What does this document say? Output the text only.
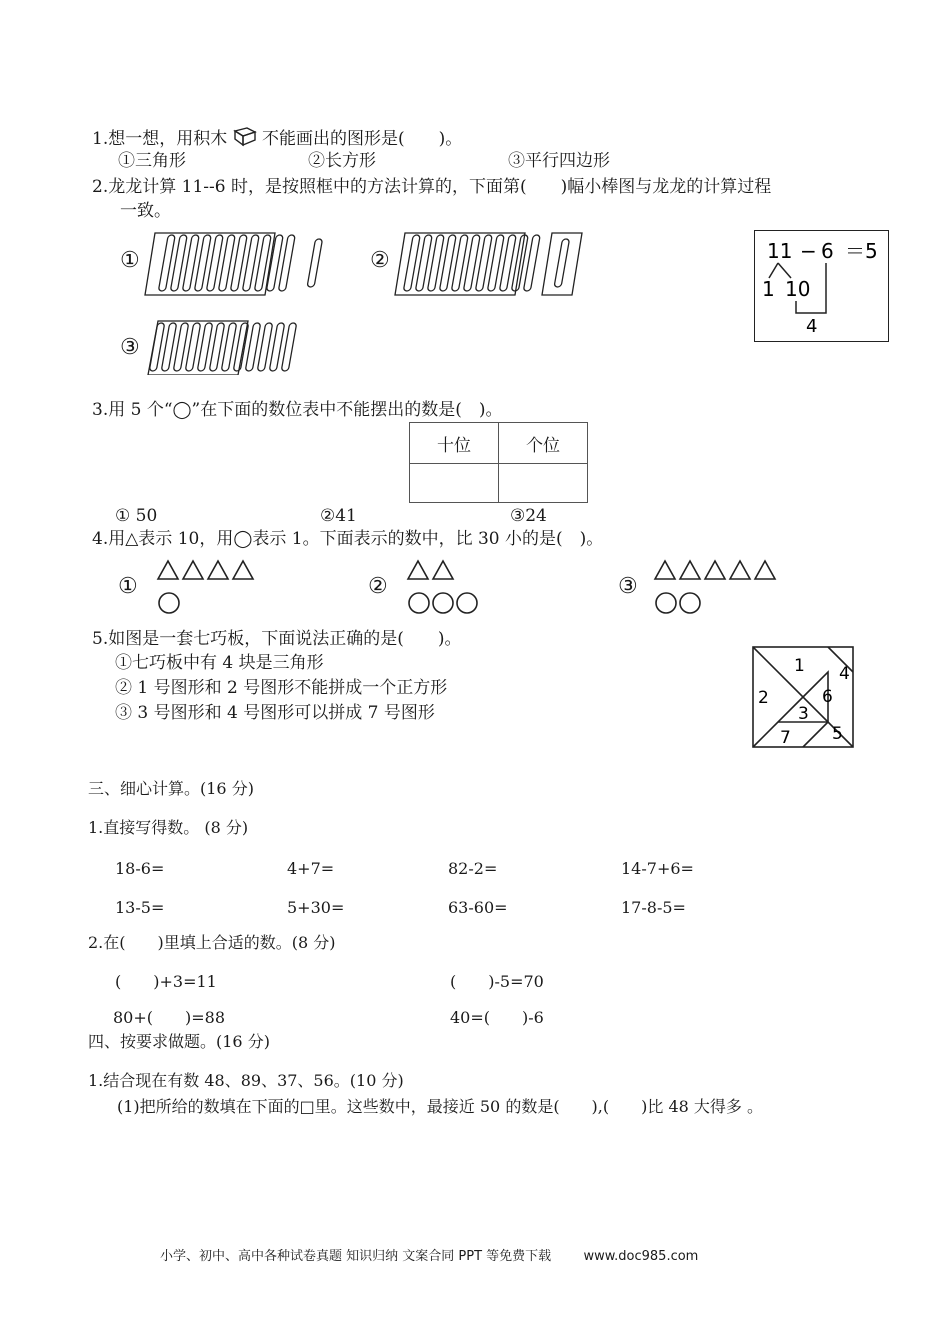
1.想一想，用积木 不能画出的图形是(　　)。
①三角形	②长方形	③平行四边形
2.龙龙计算 11--6 时，是按照框中的方法计算的，下面第(　　)幅小棒图与龙龙的计算过程
一致。
①	②
③
11 − 6 ＝5
1 10
4
3.用 5 个“◯”在下面的数位表中不能摆出的数是(　)。
十位	个位

① 50	②41	③24
4.用△表示 10，用◯表示 1。下面表示的数中，比 30 小的是(　)。
①	②	③
5.如图是一套七巧板，下面说法正确的是(　　)。
①七巧板中有 4 块是三角形
② 1 号图形和 2 号图形不能拼成一个正方形
③ 3 号图形和 4 号图形可以拼成 7 号图形
1
2
3
4
5
6
7
三、细心计算。(16 分)
1.直接写得数。 (8 分)
18-6=	4+7=	82-2=	14-7+6=
13-5=	5+30=	63-60=	17-8-5=
2.在(　　)里填上合适的数。(8 分)
(　　)+3=11	(　　)-5=70
80+(　　)=88	40=(　　)-6
四、按要求做题。(16 分)
1.结合现在有数 48、89、37、56。(10 分)
(1)把所给的数填在下面的□里。这些数中，最接近 50 的数是(　　),(　　)比 48 大得多 。
小学、初中、高中各种试卷真题 知识归纳 文案合同 PPT 等免费下载 www.doc985.com
